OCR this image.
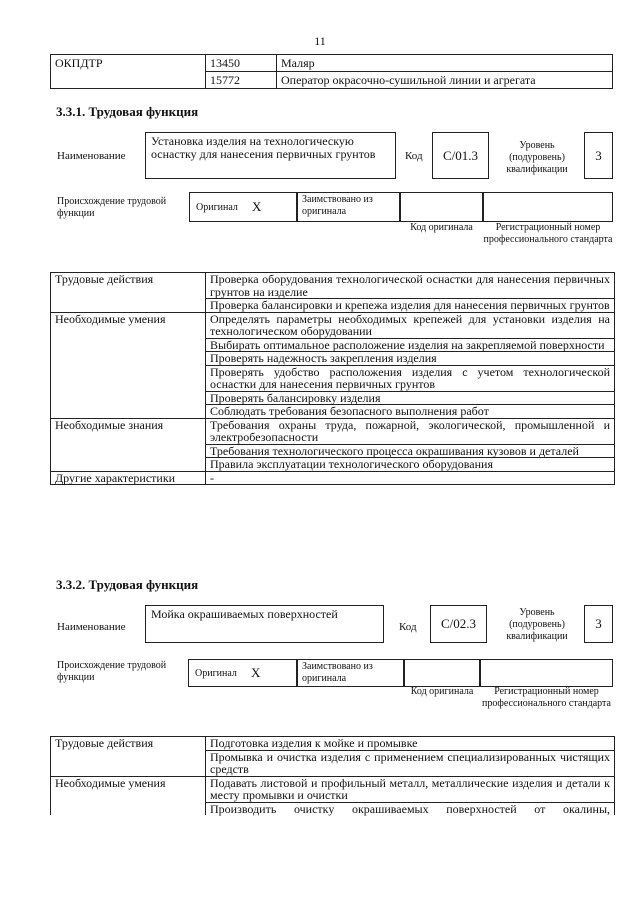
11
ОКПДТР	13450	Маляр
	15772	Оператор окрасочно-сушильной линии и агрегата
3.3.1. Трудовая функция
Наименование
Установка изделия на технологическую оснастку для нанесения первичных грунтов	Код	C/01.3
Уровень (подуровень) квалификации
3
Происхождение трудовой функции
Оригинал X	Заимствовано из оригинала
Код оригинала	Регистрационный номер профессионального стандарта
Трудовые действия	Проверка оборудования технологической оснастки для нанесения первичных грунтов на изделие
	Проверка балансировки и крепежа изделия для нанесения первичных грунтов
Необходимые умения	Определять параметры необходимых крепежей для установки изделия на технологическом оборудовании
	Выбирать оптимальное расположение изделия на закрепляемой поверхности
	Проверять надежность закрепления изделия
	Проверять удобство расположения изделия с учетом технологической оснастки для нанесения первичных грунтов
	Проверять балансировку изделия
	Соблюдать требования безопасного выполнения работ
Необходимые знания	Требования охраны труда, пожарной, экологической, промышленной и электробезопасности
	Требования технологического процесса окрашивания кузовов и деталей
	Правила эксплуатации технологического оборудования
Другие характеристики	-
3.3.2. Трудовая функция
Наименование
Мойка окрашиваемых поверхностей
Код	C/02.3
Уровень (подуровень) квалификации
3
Происхождение трудовой функции	Оригинал X	Заимствовано из оригинала
Код оригинала	Регистрационный номер профессионального стандарта
Трудовые действия	Подготовка изделия к мойке и промывке
	Промывка и очистка изделия с применением специализированных чистящих средств
Необходимые умения	Подавать листовой и профильный металл, металлические изделия и детали к месту промывки и очистки
	Производить очистку окрашиваемых поверхностей от окалины,
